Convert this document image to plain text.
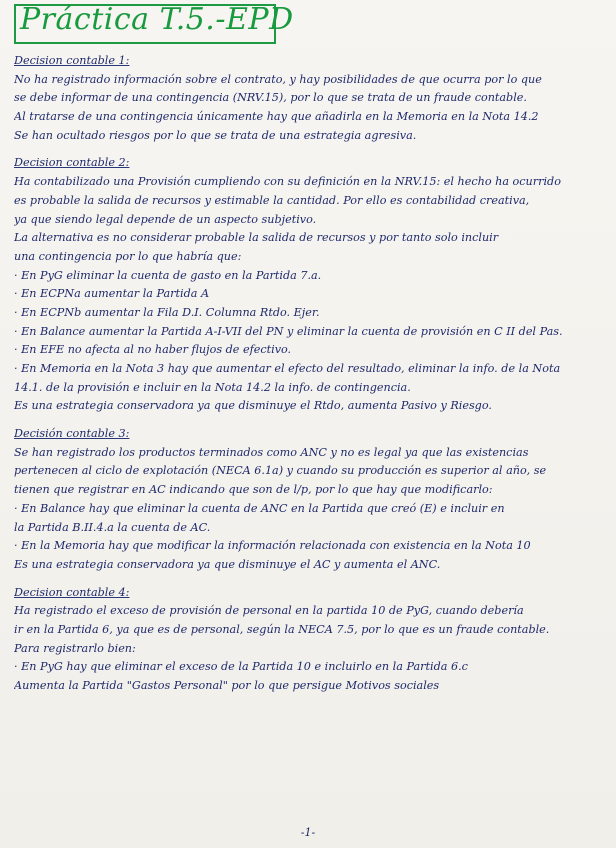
Práctica T.5.-EPD
Decision contable 1:
No ha registrado información sobre el contrato, y hay posibilidades de que ocurra por lo que
se debe informar de una contingencia (NRV.15), por lo que se trata de un fraude contable.
Al tratarse de una contingencia únicamente hay que añadirla en la Memoria en la Nota 14.2
Se han ocultado riesgos por lo que se trata de una estrategia agresiva.
Decision contable 2:
Ha contabilizado una Provisión cumpliendo con su definición en la NRV.15: el hecho ha ocurrido
es probable la salida de recursos y estimable la cantidad. Por ello es contabilidad creativa,
ya que siendo legal depende de un aspecto subjetivo.
La alternativa es no considerar probable la salida de recursos y por tanto solo incluir
una contingencia por lo que habría que:
· En PyG eliminar la cuenta de gasto en la Partida 7.a.
· En ECPNa aumentar la Partida A
· En ECPNb aumentar la Fila D.I. Columna Rtdo. Ejer.
· En Balance aumentar la Partida A-I-VII del PN y eliminar la cuenta de provisión en C II del Pas.
· En EFE no afecta al no haber flujos de efectivo.
· En Memoria en la Nota 3 hay que aumentar el efecto del resultado, eliminar la info. de la Nota
14.1. de la provisión e incluir en la Nota 14.2 la info. de contingencia.
Es una estrategia conservadora ya que disminuye el Rtdo, aumenta Pasivo y Riesgo.
Decisión contable 3:
Se han registrado los productos terminados como ANC y no es legal ya que las existencias
pertenecen al ciclo de explotación (NECA 6.1a) y cuando su producción es superior al año, se
tienen que registrar en AC indicando que son de l/p, por lo que hay que modificarlo:
· En Balance hay que eliminar la cuenta de ANC en la Partida que creó (E) e incluir en
la Partida B.II.4.a la cuenta de AC.
· En la Memoria hay que modificar la información relacionada con existencia en la Nota 10
Es una estrategia conservadora ya que disminuye el AC y aumenta el ANC.
Decision contable 4:
Ha registrado el exceso de provisión de personal en la partida 10 de PyG, cuando debería
ir en la Partida 6, ya que es de personal, según la NECA 7.5, por lo que es un fraude contable.
Para registrarlo bien:
· En PyG hay que eliminar el exceso de la Partida 10 e incluirlo en la Partida 6.c
Aumenta la Partida "Gastos Personal" por lo que persigue Motivos sociales
-1-
